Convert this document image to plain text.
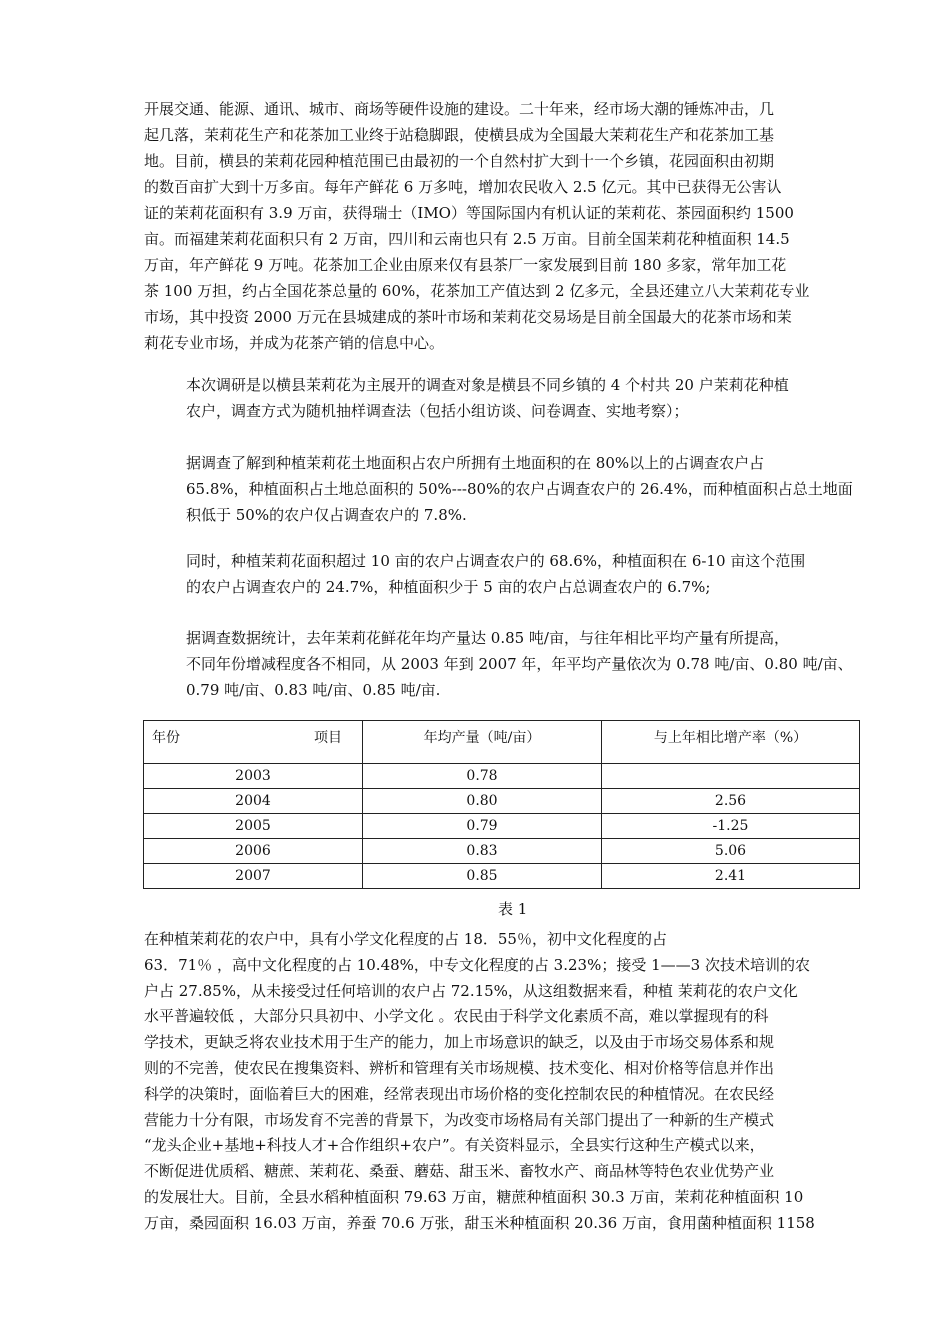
开展交通、能源、通讯、城市、商场等硬件设施的建设。二十年来，经市场大潮的锤炼冲击，几
起几落，茉莉花生产和花茶加工业终于站稳脚跟，使横县成为全国最大茉莉花生产和花茶加工基
地。目前，横县的茉莉花园种植范围已由最初的一个自然村扩大到十一个乡镇，花园面积由初期
的数百亩扩大到十万多亩。每年产鲜花 6 万多吨，增加农民收入 2.5 亿元。其中已获得无公害认
证的茉莉花面积有 3.9 万亩，获得瑞士（IMO）等国际国内有机认证的茉莉花、茶园面积约 1500
亩。而福建茉莉花面积只有 2 万亩，四川和云南也只有 2.5 万亩。目前全国茉莉花种植面积 14.5
万亩，年产鲜花 9 万吨。花茶加工企业由原来仅有县茶厂一家发展到目前 180 多家，常年加工花
茶 100 万担，约占全国花茶总量的 60%，花茶加工产值达到 2 亿多元，全县还建立八大茉莉花专业
市场，其中投资 2000 万元在县城建成的茶叶市场和茉莉花交易场是目前全国最大的花茶市场和茉
莉花专业市场，并成为花茶产销的信息中心。
本次调研是以横县茉莉花为主展开的调查对象是横县不同乡镇的 4 个村共 20 户茉莉花种植
农户，调查方式为随机抽样调查法（包括小组访谈、问卷调查、实地考察）；
据调查了解到种植茉莉花土地面积占农户所拥有土地面积的在 80%以上的占调查农户占
65.8%，种植面积占土地总面积的 50%---80%的农户占调查农户的 26.4%，而种植面积占总土地面
积低于 50%的农户仅占调查农户的 7.8%.
同时，种植茉莉花面积超过 10 亩的农户占调查农户的 68.6%，种植面积在 6-10 亩这个范围
的农户占调查农户的 24.7%，种植面积少于 5 亩的农户占总调查农户的 6.7%;
据调查数据统计，去年茉莉花鲜花年均产量达 0.85 吨/亩，与往年相比平均产量有所提高，
不同年份增减程度各不相同，从 2003 年到 2007 年，年平均产量依次为 0.78 吨/亩、0.80 吨/亩、
0.79 吨/亩、0.83 吨/亩、0.85 吨/亩.
年份 项目	年均产量（吨/亩）	与上年相比增产率（%）
2003	0.78	
2004	0.80	2.56
2005	0.79	-1.25
2006	0.83	5.06
2007	0.85	2.41
表 1
在种植茉莉花的农户中，具有小学文化程度的占 18．55％，初中文化程度的占
63．71％ ，高中文化程度的占 10.48%，中专文化程度的占 3.23%；接受 1——3 次技术培训的农
户占 27.85%，从未接受过任何培训的农户占 72.15%，从这组数据来看，种植 茉莉花的农户文化
水平普遍较低 ，大部分只具初中、小学文化 。农民由于科学文化素质不高，难以掌握现有的科
学技术，更缺乏将农业技术用于生产的能力，加上市场意识的缺乏，以及由于市场交易体系和规
则的不完善，使农民在搜集资料、辨析和管理有关市场规模、技术变化、相对价格等信息并作出
科学的决策时，面临着巨大的困难，经常表现出市场价格的变化控制农民的种植情况。在农民经
营能力十分有限，市场发育不完善的背景下，为改变市场格局有关部门提出了一种新的生产模式
“龙头企业+基地+科技人才+合作组织+农户”。有关资料显示，全县实行这种生产模式以来，
不断促进优质稻、糖蔗、茉莉花、桑蚕、蘑菇、甜玉米、畜牧水产、商品林等特色农业优势产业
的发展壮大。目前，全县水稻种植面积 79.63 万亩，糖蔗种植面积 30.3 万亩，茉莉花种植面积 10
万亩，桑园面积 16.03 万亩，养蚕 70.6 万张，甜玉米种植面积 20.36 万亩，食用菌种植面积 1158
